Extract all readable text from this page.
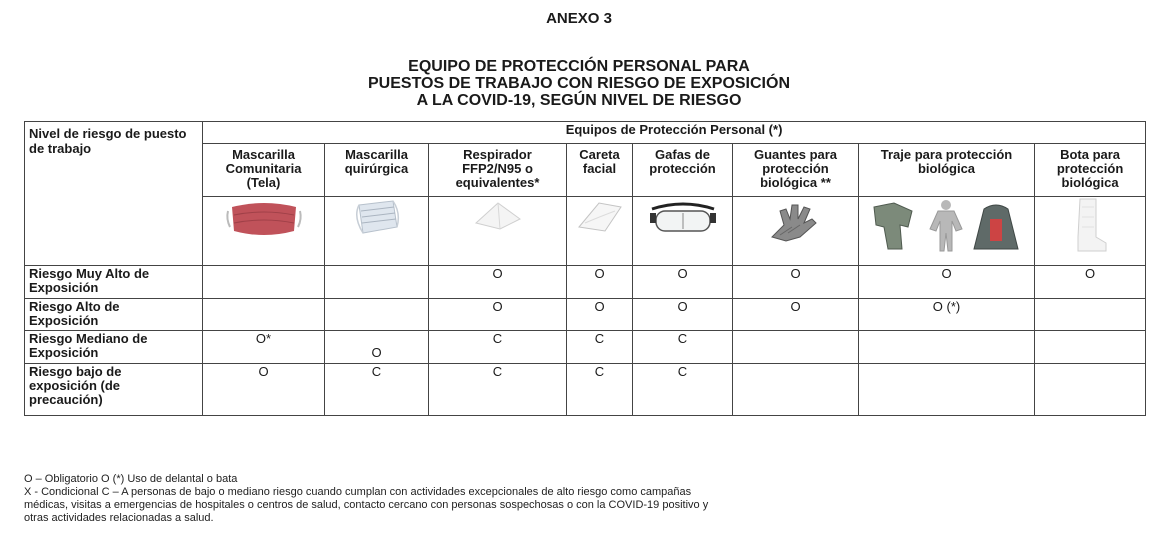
ANEXO 3
EQUIPO DE PROTECCIÓN PERSONAL PARA
PUESTOS DE TRABAJO CON RIESGO DE EXPOSICIÓN
A LA COVID-19, SEGÚN NIVEL DE RIESGO
Nivel de riesgo de puesto de trabajo	Equipos de Protección Personal (*)							
	Mascarilla
Comunitaria
(Tela)	Mascarilla
quirúrgica	Respirador
FFP2/N95 o
equivalentes*	Careta
facial	Gafas de
protección	Guantes para
protección
biológica **	Traje para protección
biológica	Bota para
protección
biológica

Riesgo Muy Alto de
Exposición			O	O	O	O	O	O

Riesgo Alto de
Exposición			O	O	O	O	O (*)	

Riesgo Mediano de
Exposición	O*	O	C	C	C			

Riesgo bajo de
exposición (de
precaución)	O	C	C	C	C			

O – Obligatorio O (*) Uso de delantal o bata

X - Condicional C – A personas de bajo o mediano riesgo cuando cumplan con actividades excepcionales de alto riesgo como campañas

médicas, visitas a emergencias de hospitales o centros de salud, contacto cercano con personas sospechosas o con la COVID-19 positivo y

otras actividades relacionadas a salud.
